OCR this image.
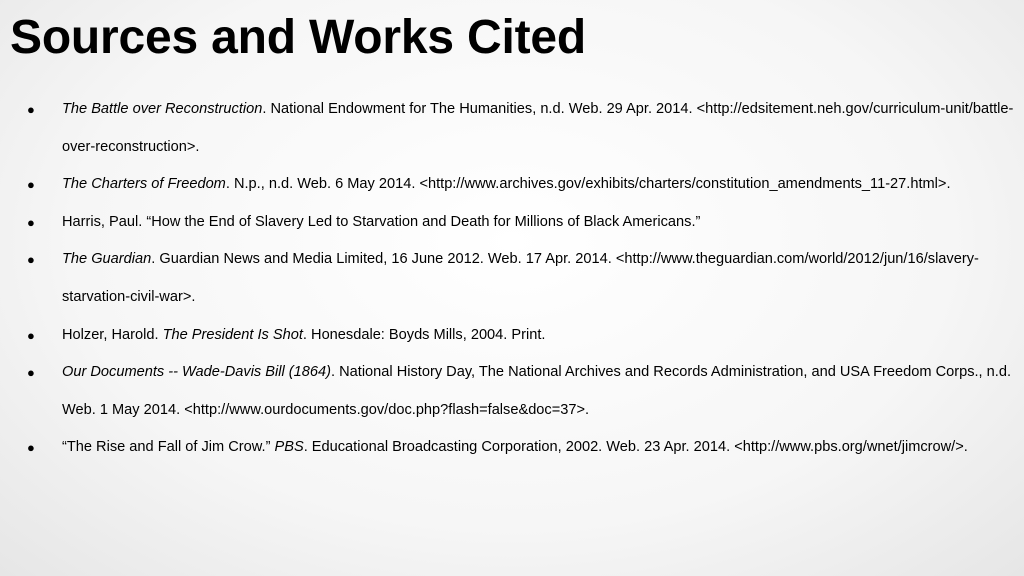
Sources and Works Cited
● The Battle over Reconstruction. National Endowment for The Humanities, n.d. Web. 29 Apr. 2014. <http://edsitement.neh.gov/curriculum-unit/battle-over-reconstruction>.
● The Charters of Freedom. N.p., n.d. Web. 6 May 2014. <http://www.archives.gov/exhibits/charters/constitution_amendments_11-27.html>.
● Harris, Paul. “How the End of Slavery Led to Starvation and Death for Millions of Black Americans.”
● The Guardian. Guardian News and Media Limited, 16 June 2012. Web. 17 Apr. 2014. <http://www.theguardian.com/world/2012/jun/16/slavery-starvation-civil-war>.
● Holzer, Harold. The President Is Shot. Honesdale: Boyds Mills, 2004. Print.
● Our Documents -- Wade-Davis Bill (1864). National History Day, The National Archives and Records Administration, and USA Freedom Corps., n.d. Web. 1 May 2014. <http://www.ourdocuments.gov/doc.php?flash=false&doc=37>.
● “The Rise and Fall of Jim Crow.” PBS. Educational Broadcasting Corporation, 2002. Web. 23 Apr. 2014. <http://www.pbs.org/wnet/jimcrow/>.
